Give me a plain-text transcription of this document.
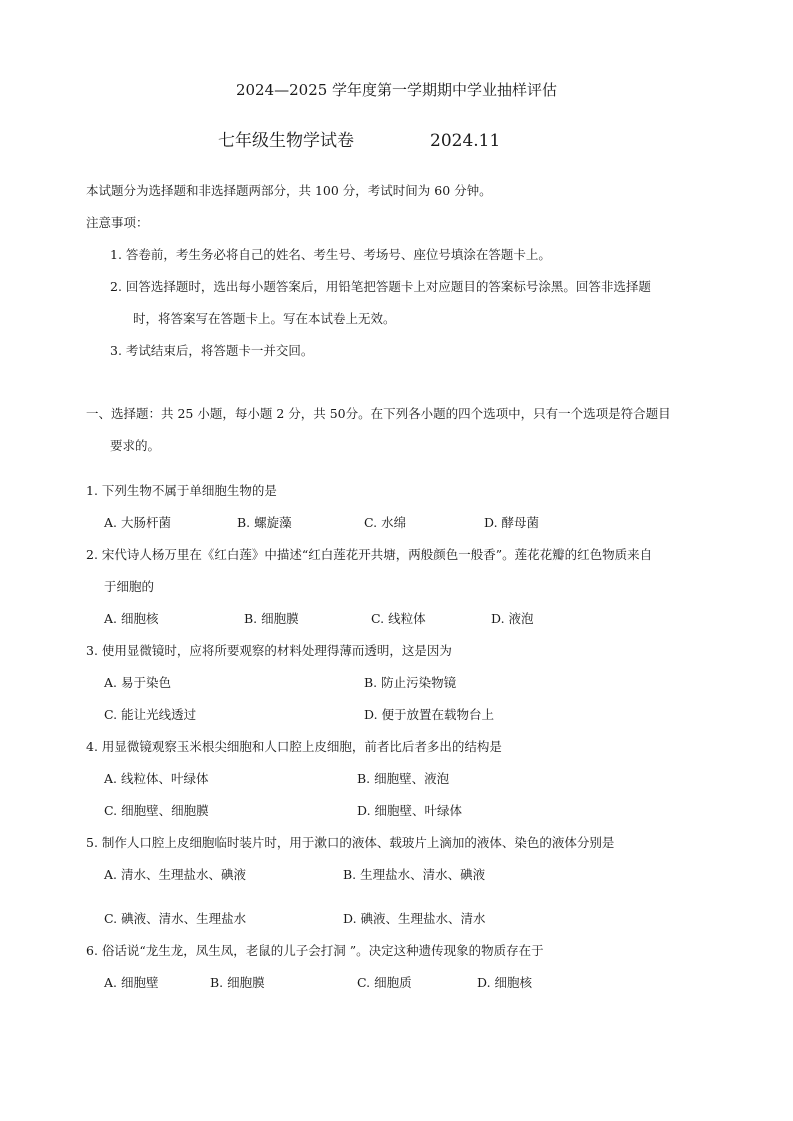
2024—2025 学年度第一学期期中学业抽样评估
七年级生物学试卷	2024.11
本试题分为选择题和非选择题两部分，共 100 分，考试时间为 60 分钟。
注意事项：
1. 答卷前，考生务必将自己的姓名、考生号、考场号、座位号填涂在答题卡上。
2. 回答选择题时，选出每小题答案后，用铅笔把答题卡上对应题目的答案标号涂黑。回答非选择题
时，将答案写在答题卡上。写在本试卷上无效。
3. 考试结束后，将答题卡一并交回。
一、选择题：共 25 小题，每小题 2 分，共 50分。在下列各小题的四个选项中，只有一个选项是符合题目
要求的。
1. 下列生物不属于单细胞生物的是
A. 大肠杆菌	B. 螺旋藻	C. 水绵	D. 酵母菌
2. 宋代诗人杨万里在《红白莲》中描述“红白莲花开共塘，两般颜色一般香”。莲花花瓣的红色物质来自
于细胞的
A. 细胞核	B. 细胞膜	C. 线粒体	D. 液泡
3. 使用显微镜时，应将所要观察的材料处理得薄而透明，这是因为
A. 易于染色	B. 防止污染物镜
C. 能让光线透过	D. 便于放置在载物台上
4. 用显微镜观察玉米根尖细胞和人口腔上皮细胞，前者比后者多出的结构是
A. 线粒体、叶绿体	B. 细胞壁、液泡
C. 细胞壁、细胞膜	D. 细胞壁、叶绿体
5. 制作人口腔上皮细胞临时装片时，用于漱口的液体、载玻片上滴加的液体、染色的液体分别是
A. 清水、生理盐水、碘液	B. 生理盐水、清水、碘液
C. 碘液、清水、生理盐水	D. 碘液、生理盐水、清水
6. 俗话说“龙生龙，凤生凤，老鼠的儿子会打洞 ”。决定这种遗传现象的物质存在于
A. 细胞壁	B. 细胞膜	C. 细胞质	D. 细胞核
